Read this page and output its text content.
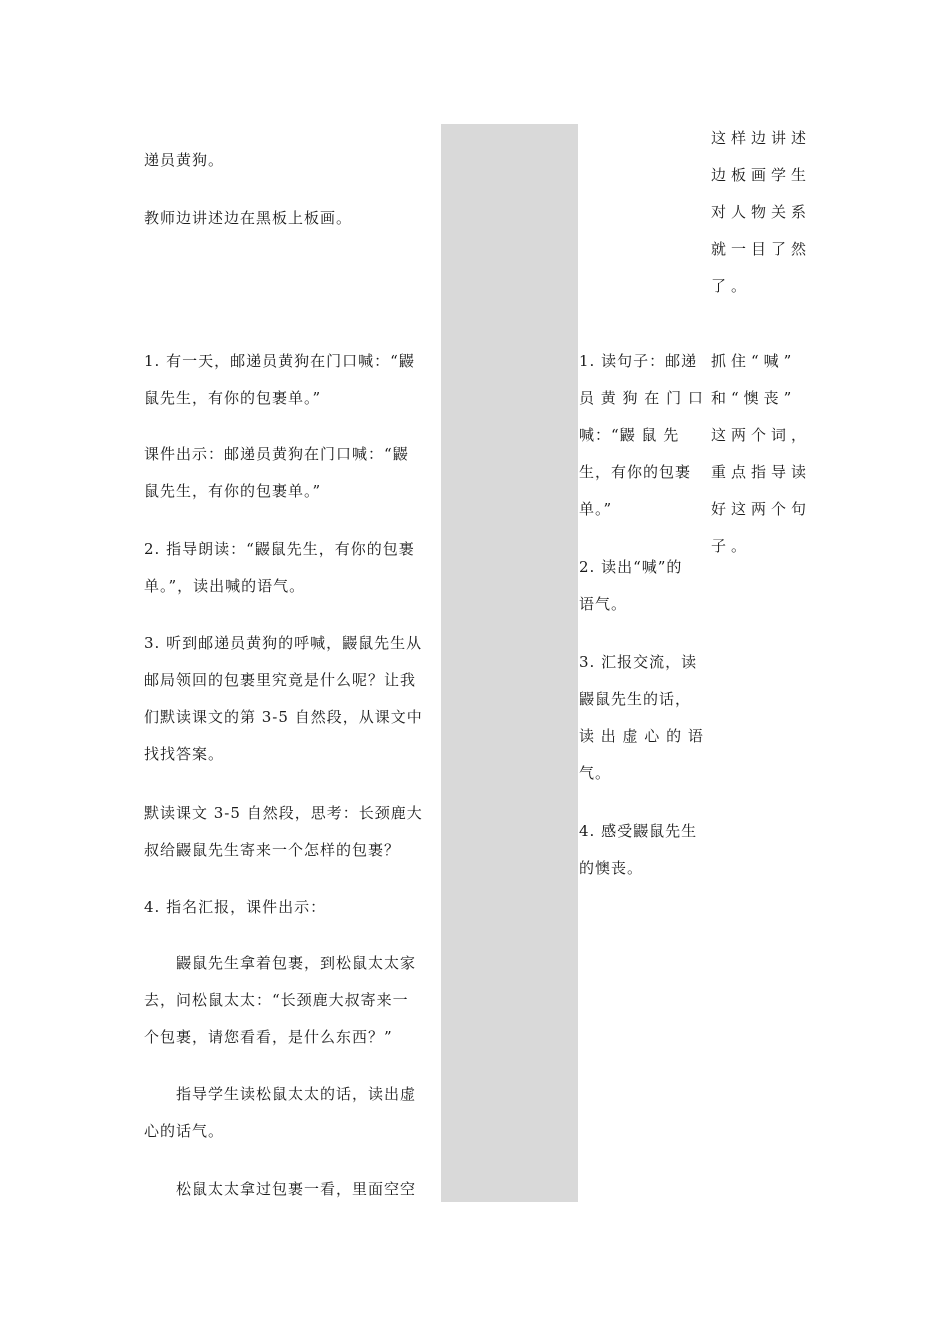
递员黄狗。

教师边讲述边在黑板上板画。

1. 有一天，邮递员黄狗在门口喊：“鼹
鼠先生，有你的包裹单。”

课件出示：邮递员黄狗在门口喊：“鼹
鼠先生，有你的包裹单。”

2. 指导朗读：“鼹鼠先生，有你的包裹
单。”，读出喊的语气。

3. 听到邮递员黄狗的呼喊，鼹鼠先生从
邮局领回的包裹里究竟是什么呢？让我
们默读课文的第 3-5 自然段，从课文中
找找答案。

默读课文 3-5 自然段，思考：长颈鹿大
叔给鼹鼠先生寄来一个怎样的包裹？

4. 指名汇报，课件出示：

　　鼹鼠先生拿着包裹，到松鼠太太家
去，问松鼠太太：“长颈鹿大叔寄来一
个包裹，请您看看，是什么东西？”

　　指导学生读松鼠太太的话，读出虚
心的话气。

　　松鼠太太拿过包裹一看，里面空空

1. 读句子：邮递
员 黄 狗 在 门 口
喊：“鼹 鼠 先
生，有你的包裹
单。”

2. 读出“喊”的
语气。

3. 汇报交流，读
鼹鼠先生的话，
读 出 虚 心 的 语
气。

4. 感受鼹鼠先生
的懊丧。

这样边讲述
边板画学生
对人物关系
就一目了然
了。

抓住“喊”
和“懊丧”
这两个词，
重点指导读
好这两个句
子。
